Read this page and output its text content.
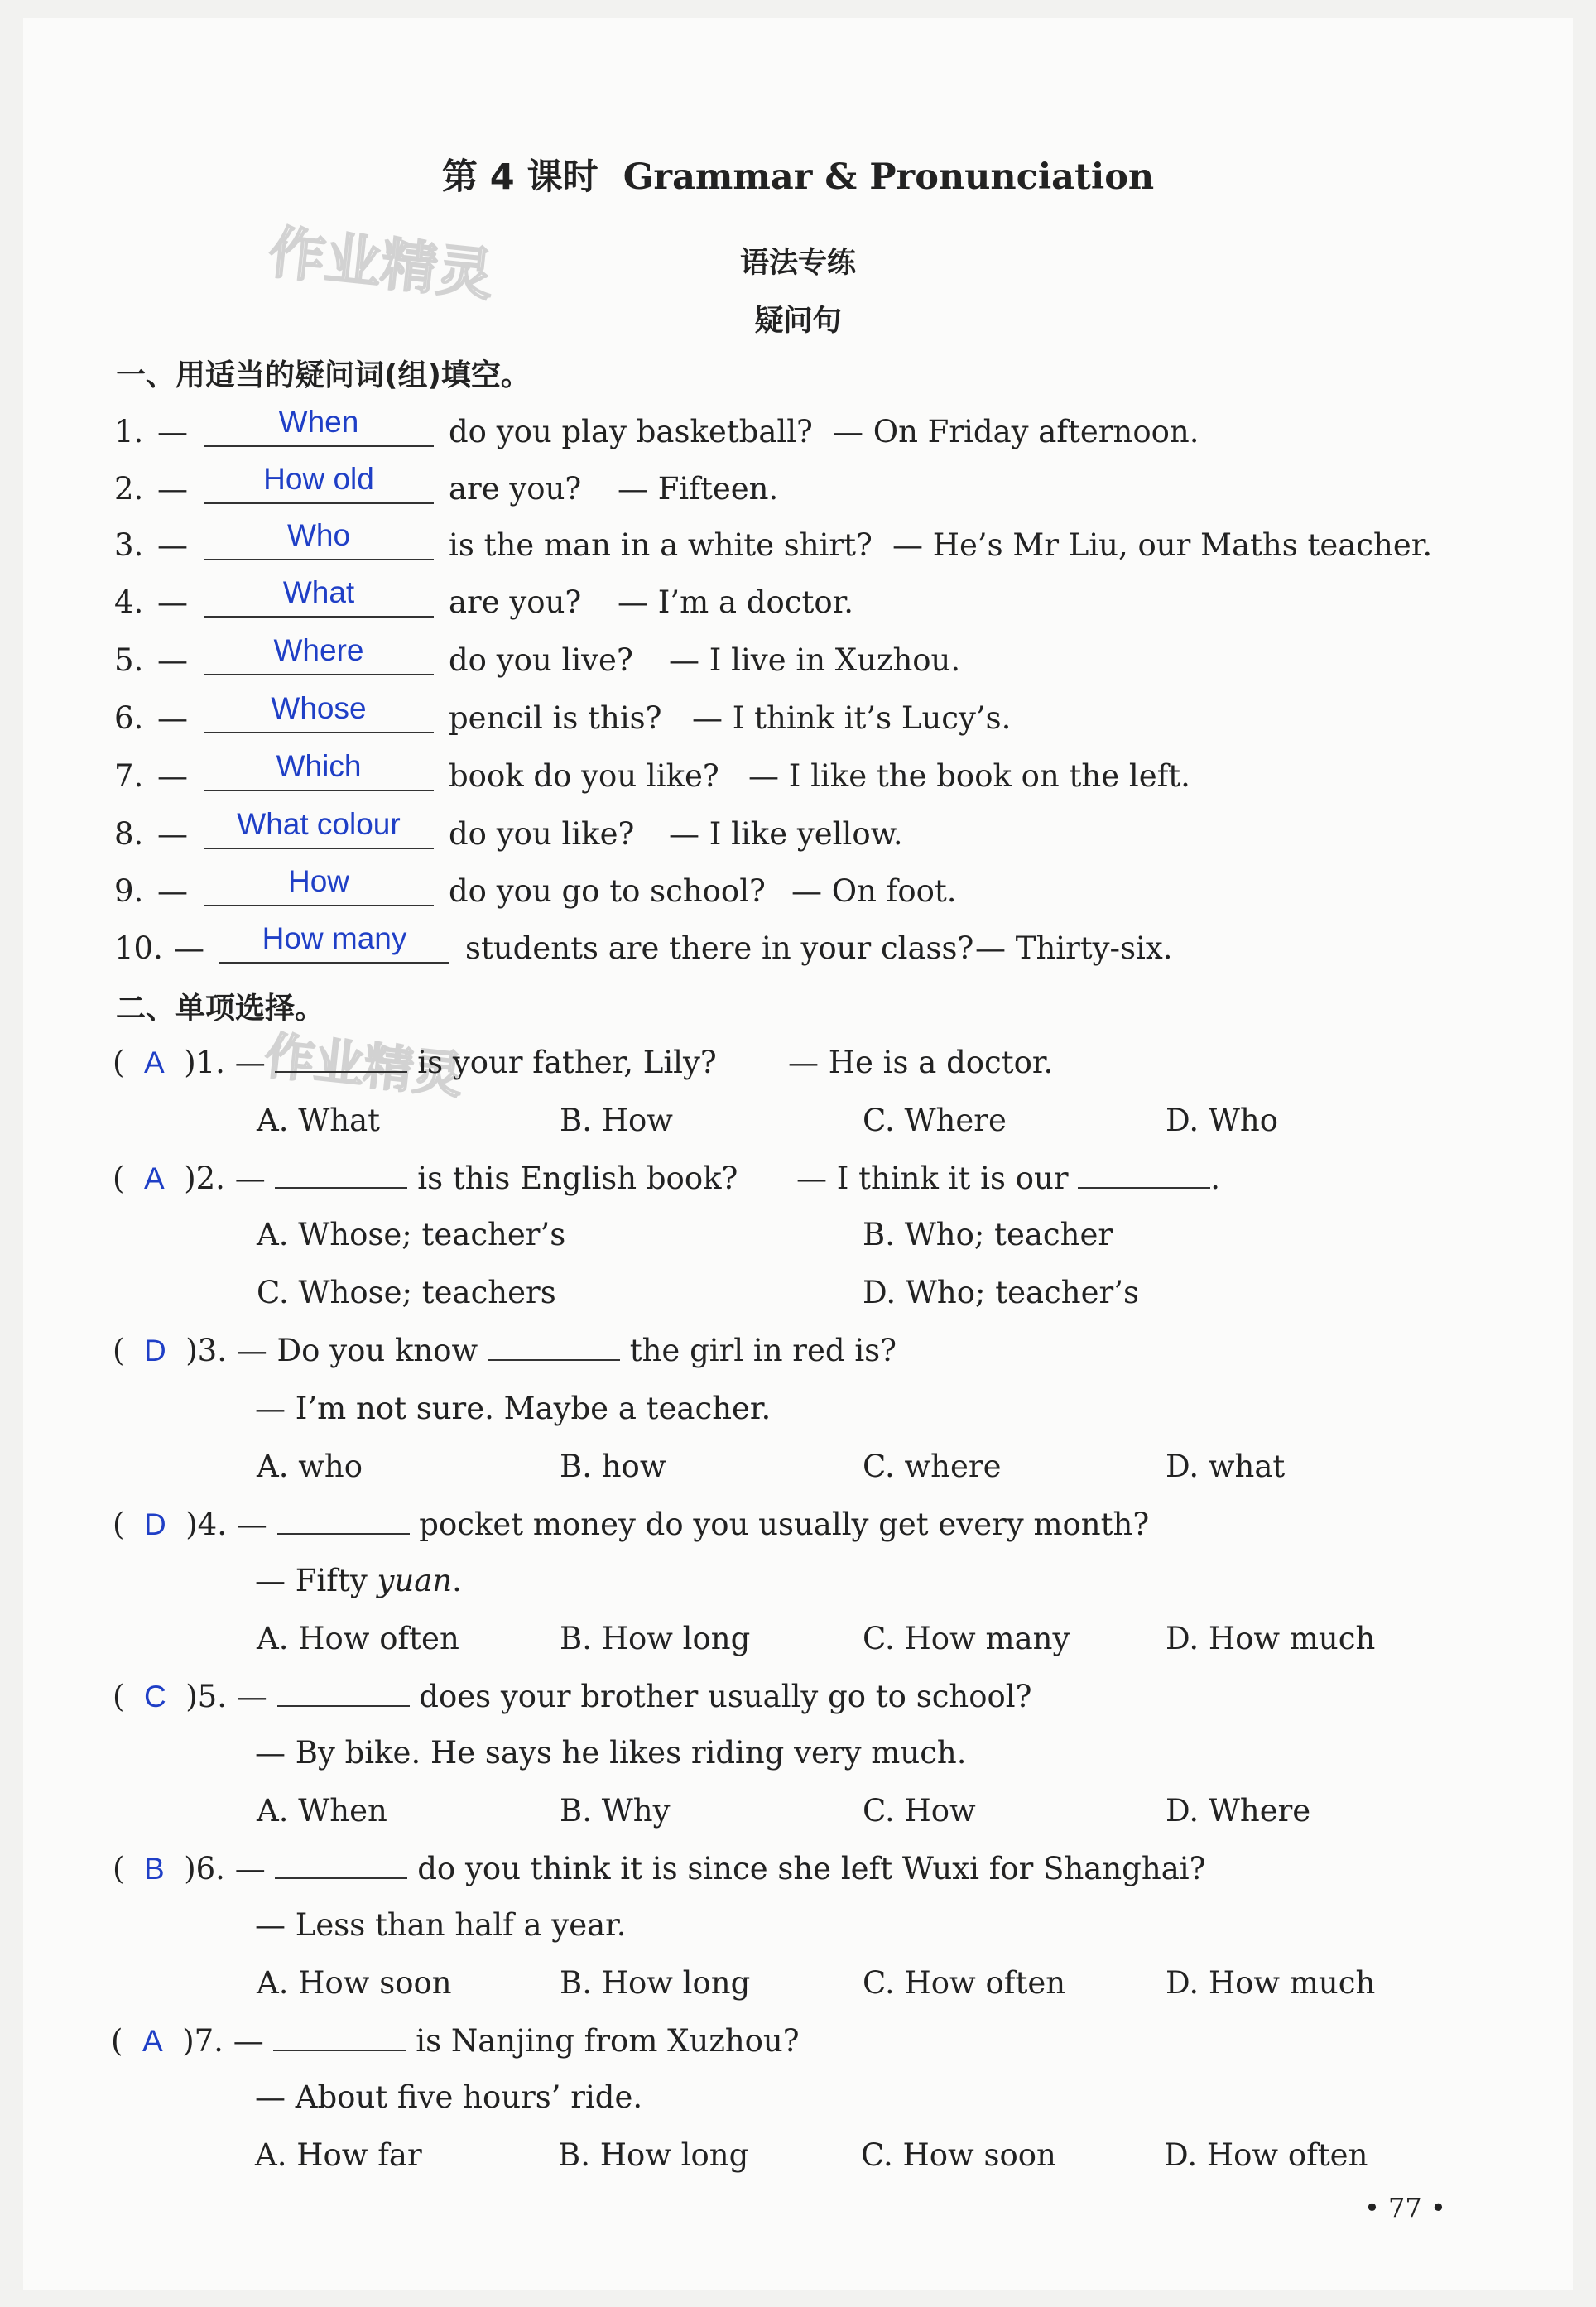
第 4 课时 Grammar & Pronunciation
语法专练
疑问句
作业精灵
作业精灵
一、用适当的疑问词(组)填空。
1. —	When	do you play basketball? — On Friday afternoon.
2. —	How old	are you? — Fifteen.
3. —	Who	is the man in a white shirt? — He’s Mr Liu, our Maths teacher.
4. —	What	are you? — I’m a doctor.
5. —	Where	do you live? — I live in Xuzhou.
6. —	Whose	pencil is this? — I think it’s Lucy’s.
7. —	Which	book do you like? — I like the book on the left.
8. —	What colour	do you like? — I like yellow.
9. —	How	do you go to school? — On foot.
10. —	How many	students are there in your class? — Thirty-six.
二、单项选择。
(  A )1. —	is your father, Lily? — He is a doctor.
A. What	B. How	C. Where	D. Who
(  A )2. —	is this English book? — I think it is our	.
A. Whose; teacher’s	B. Who; teacher
C. Whose; teachers	D. Who; teacher’s
(  D )3. — Do you know	the girl in red is?
— I’m not sure. Maybe a teacher.
A. who	B. how	C. where	D. what
(  D )4. —	pocket money do you usually get every month?
— Fifty yuan.
A. How often	B. How long	C. How many	D. How much
(  C )5. —	does your brother usually go to school?
— By bike. He says he likes riding very much.
A. When	B. Why	C. How	D. Where
(  B )6. —	do you think it is since she left Wuxi for Shanghai?
— Less than half a year.
A. How soon	B. How long	C. How often	D. How much
(  A )7. —	is Nanjing from Xuzhou?
— About five hours’ ride.
A. How far	B. How long	C. How soon	D. How often
• 77 •
